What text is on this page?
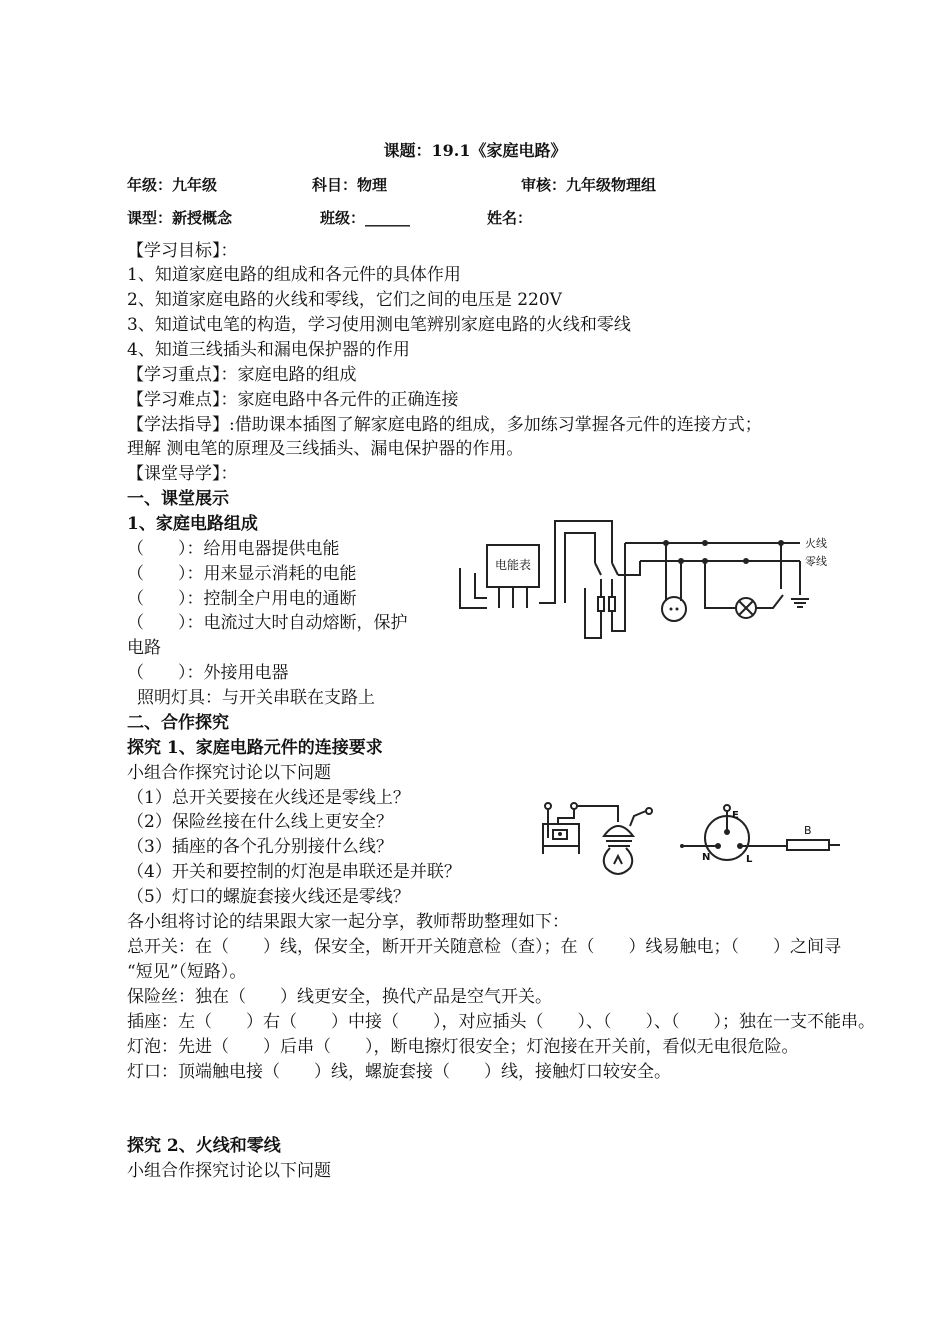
课题：19.1《家庭电路》
年级：九年级	科目：物理	审核：九年级物理组
课型：新授概念	班级：______	姓名：
【学习目标】：
1、知道家庭电路的组成和各元件的具体作用
2、知道家庭电路的火线和零线，它们之间的电压是 220V
3、知道试电笔的构造，学习使用测电笔辨别家庭电路的火线和零线
4、知道三线插头和漏电保护器的作用
【学习重点】：家庭电路的组成
【学习难点】：家庭电路中各元件的正确连接
【学法指导】:借助课本插图了解家庭电路的组成，多加练习掌握各元件的连接方式；
理解 测电笔的原理及三线插头、漏电保护器的作用。
【课堂导学】：
一、课堂展示
1、家庭电路组成
（　　）：给用电器提供电能
（　　）：用来显示消耗的电能
（　　）：控制全户用电的通断
（　　）：电流过大时自动熔断，保护
电路
（　　）：外接用电器
照明灯具：与开关串联在支路上
电能表
火线
零线
二、合作探究
探究 1、家庭电路元件的连接要求
小组合作探究讨论以下问题
（1）总开关要接在火线还是零线上？
（2）保险丝接在什么线上更安全？
（3）插座的各个孔分别接什么线？
（4）开关和要控制的灯泡是串联还是并联？
（5）灯口的螺旋套接火线还是零线？
E
N	L
B
各小组将讨论的结果跟大家一起分享，教师帮助整理如下：
总开关：在（　　）线，保安全，断开开关随意检（查）；在（　　）线易触电；（　　）之间寻
“短见”（短路）。
保险丝：独在（　　）线更安全，换代产品是空气开关。
插座：左（　　）右（　　）中接（　　），对应插头（　　）、（　　）、（　　）；独在一支不能串。
灯泡：先进（　　）后串（　　），断电擦灯很安全；灯泡接在开关前，看似无电很危险。
灯口：顶端触电接（　　）线，螺旋套接（　　）线，接触灯口较安全。
探究 2、火线和零线
小组合作探究讨论以下问题
